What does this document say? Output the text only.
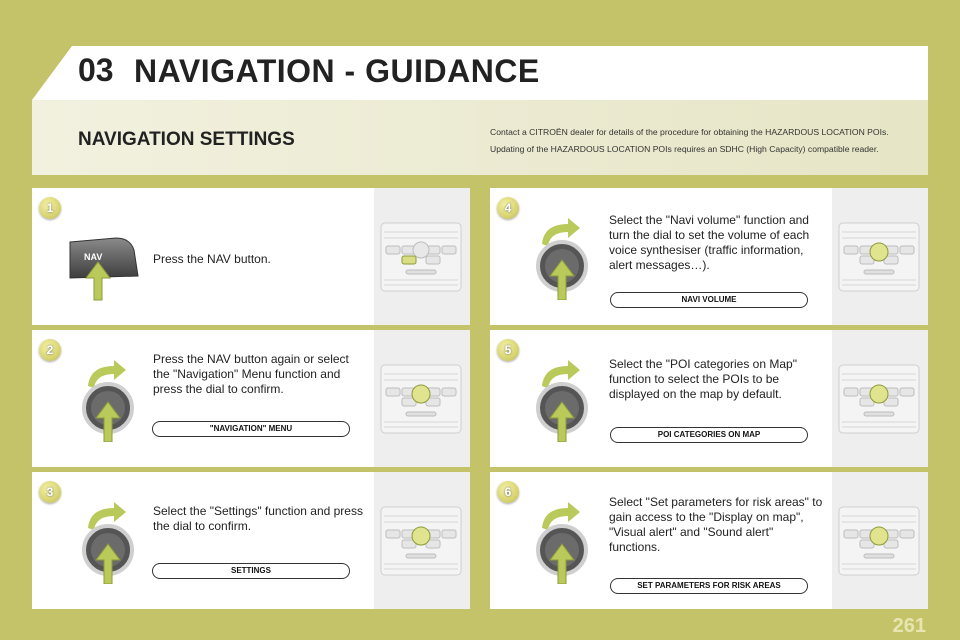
03 NAVIGATION - GUIDANCE
NAVIGATION SETTINGS	Contact a CITROËN dealer for details of the procedure for obtaining the HAZARDOUS LOCATION POIs.
Updating of the HAZARDOUS LOCATION POIs requires an SDHC (High Capacity) compatible reader.
1
2
3
4
5
6
NAV	Press the NAV button.
Press the NAV button again or select the "Navigation" Menu function and press the dial to confirm.
Select the "Settings" function and press the dial to confirm.
Select the "Navi volume" function and turn the dial to set the volume of each voice synthesiser (traffic information, alert messages…).
Select the "POI categories on Map" function to select the POIs to be displayed on the map by default.
Select "Set parameters for risk areas" to gain access to the "Display on map", "Visual alert" and "Sound alert" functions.
"NAVIGATION" MENU
SETTINGS
NAVI VOLUME
POI CATEGORIES ON MAP
SET PARAMETERS FOR RISK AREAS
261
